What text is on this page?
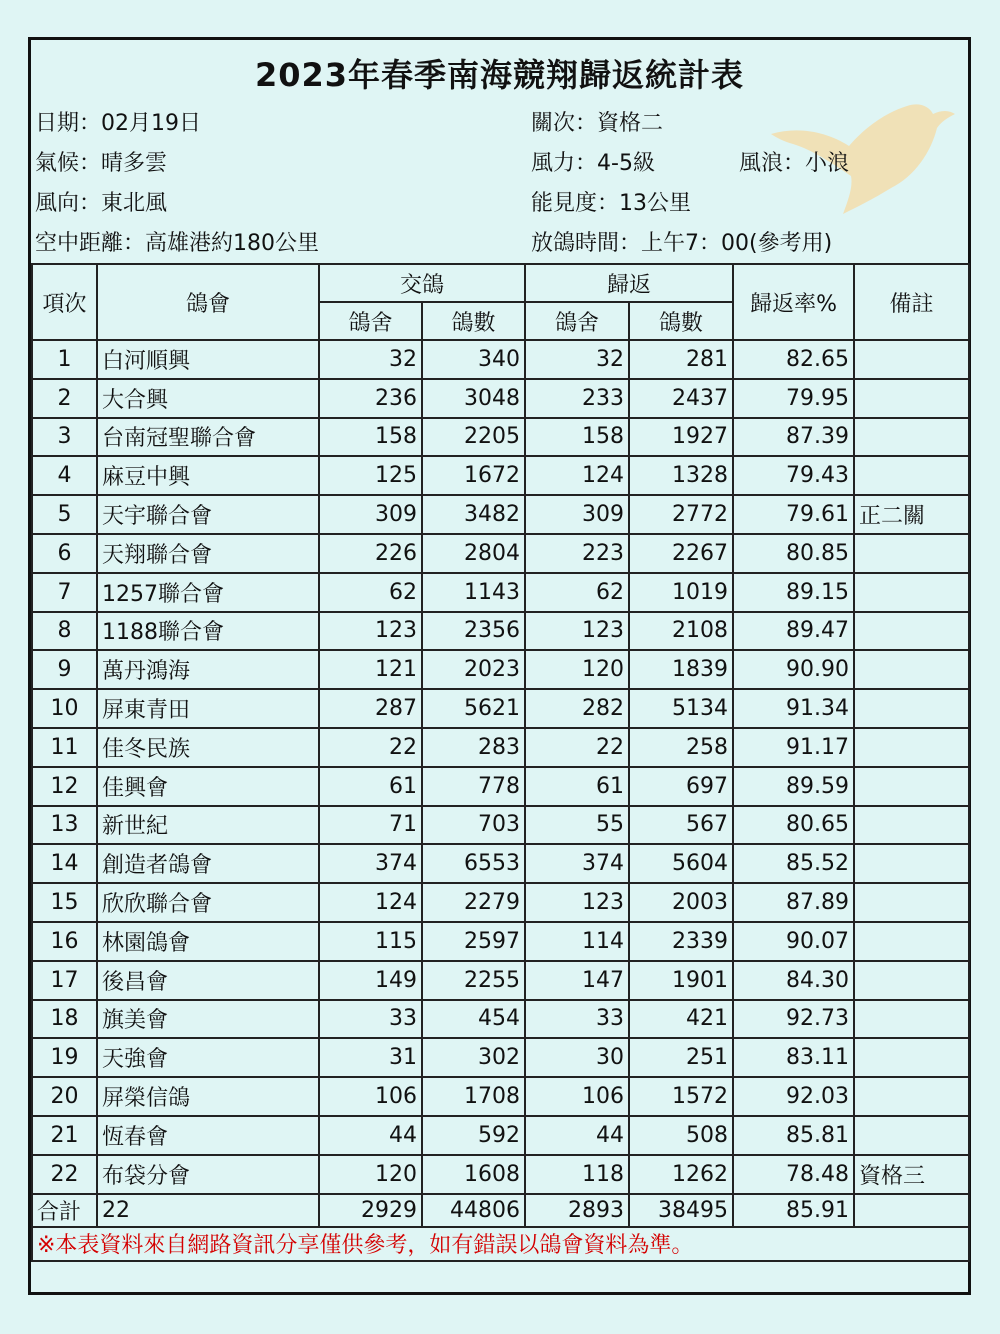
2023年春季南海競翔歸返統計表
日期：02月19日	關次：資格二
氣候：晴多雲	風力：4-5級	風浪：小浪
風向：東北風	能見度：13公里
空中距離：高雄港約180公里	放鴿時間：上午7：00(參考用)
項次	鴿會	交鴿		歸返		歸返率%	備註
		鴿舍	鴿數	鴿舍	鴿數		
1	白河順興	32	340	32	281	82.65	
2	大合興	236	3048	233	2437	79.95	
3	台南冠聖聯合會	158	2205	158	1927	87.39	
4	麻豆中興	125	1672	124	1328	79.43	
5	天宇聯合會	309	3482	309	2772	79.61	正二關
6	天翔聯合會	226	2804	223	2267	80.85	
7	1257聯合會	62	1143	62	1019	89.15	
8	1188聯合會	123	2356	123	2108	89.47	
9	萬丹鴻海	121	2023	120	1839	90.90	
10	屏東青田	287	5621	282	5134	91.34	
11	佳冬民族	22	283	22	258	91.17	
12	佳興會	61	778	61	697	89.59	
13	新世紀	71	703	55	567	80.65	
14	創造者鴿會	374	6553	374	5604	85.52	
15	欣欣聯合會	124	2279	123	2003	87.89	
16	林園鴿會	115	2597	114	2339	90.07	
17	後昌會	149	2255	147	1901	84.30	
18	旗美會	33	454	33	421	92.73	
19	天強會	31	302	30	251	83.11	
20	屏榮信鴿	106	1708	106	1572	92.03	
21	恆春會	44	592	44	508	85.81	
22	布袋分會	120	1608	118	1262	78.48	資格三
合計	22	2929	44806	2893	38495	85.91	
※本表資料來自網路資訊分享僅供參考，如有錯誤以鴿會資料為準。							
